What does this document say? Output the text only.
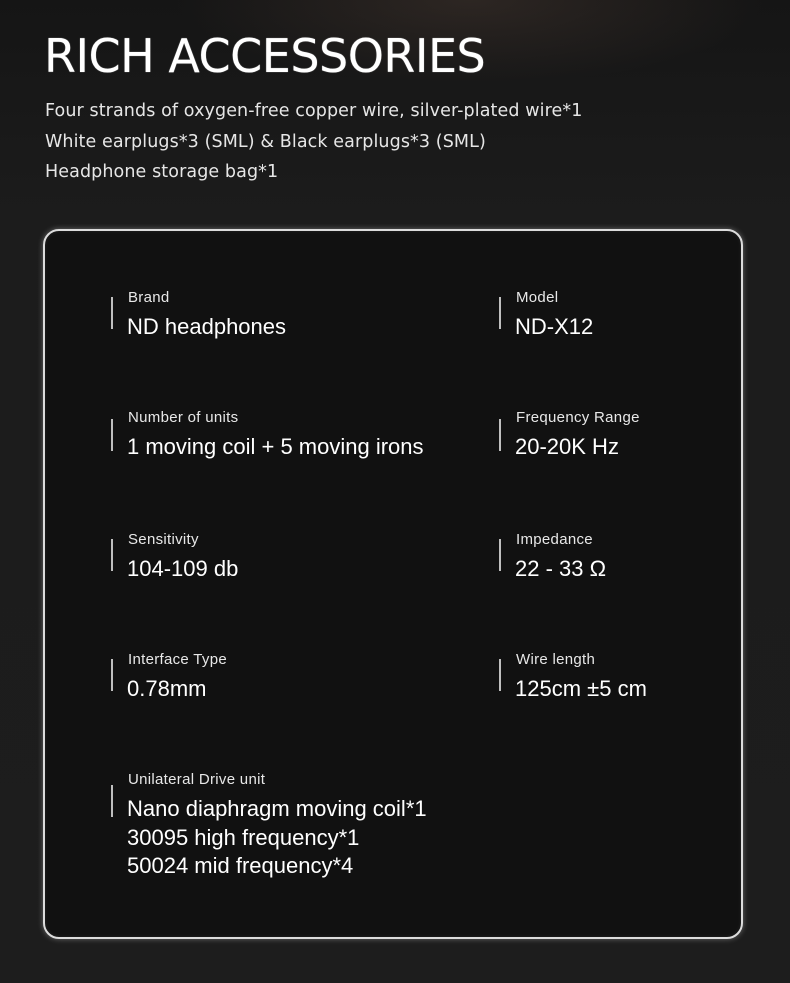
RICH ACCESSORIES
Four strands of oxygen-free copper wire, silver-plated wire*1
White earplugs*3 (SML) & Black earplugs*3 (SML)
Headphone storage bag*1
Brand
ND headphones
Model
ND-X12
Number of units
1 moving coil + 5 moving irons
Frequency Range
20-20K Hz
Sensitivity
104-109 db
Impedance
22 - 33 Ω
Interface Type
0.78mm
Wire length
125cm ±5 cm
Unilateral Drive unit
Nano diaphragm moving coil*1
30095 high frequency*1
50024 mid frequency*4
